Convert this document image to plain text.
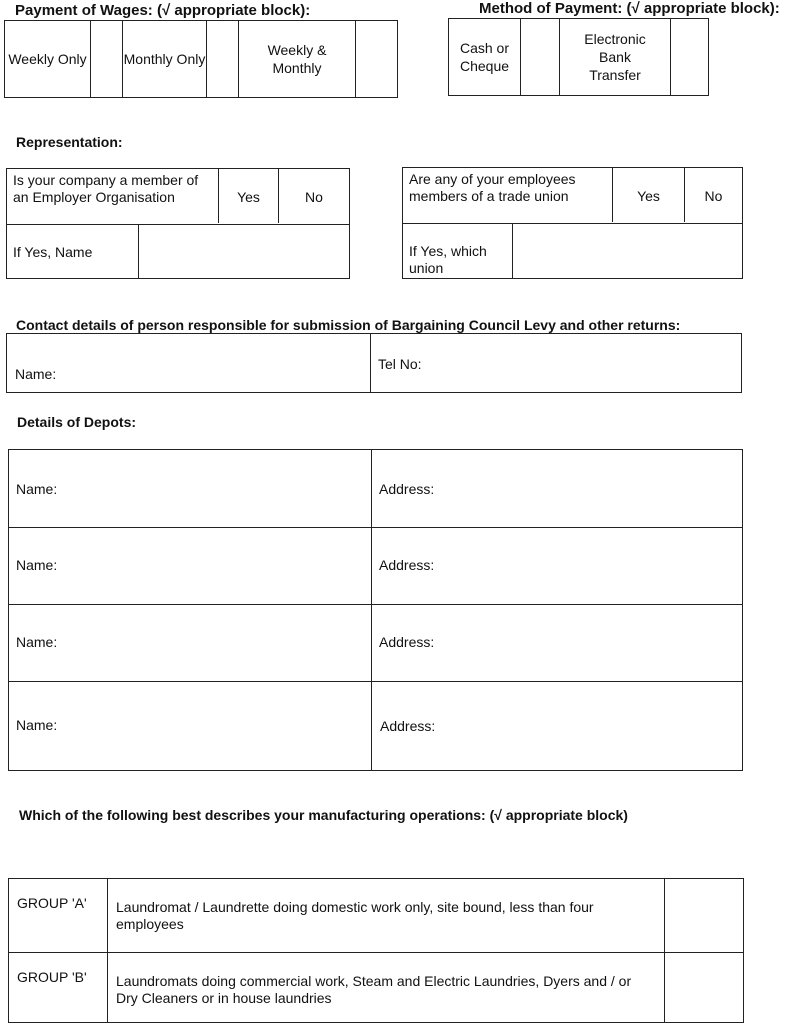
Payment of Wages: (√ appropriate block):
Weekly Only	Monthly Only
Weekly & Monthly
Method of Payment: (√ appropriate block):
Cash or Cheque
Electronic Bank Transfer
Representation:
Is your company a member of an Employer Organisation	Yes	No
If Yes, Name
Are any of your employees members of a trade union	Yes	No
If Yes, which union
Contact details of person responsible for submission of Bargaining Council Levy and other returns:
Name:
Tel No:
Details of Depots:
Name:	Address:
Name:	Address:
Name:	Address:
Name:	Address:
Which of the following best describes your manufacturing operations: (√ appropriate block)
GROUP 'A' Laundromat / Laundrette doing domestic work only, site bound, less than four employees
GROUP 'B' Laundromats doing commercial work, Steam and Electric Laundries, Dyers and / or Dry Cleaners or in house laundries
